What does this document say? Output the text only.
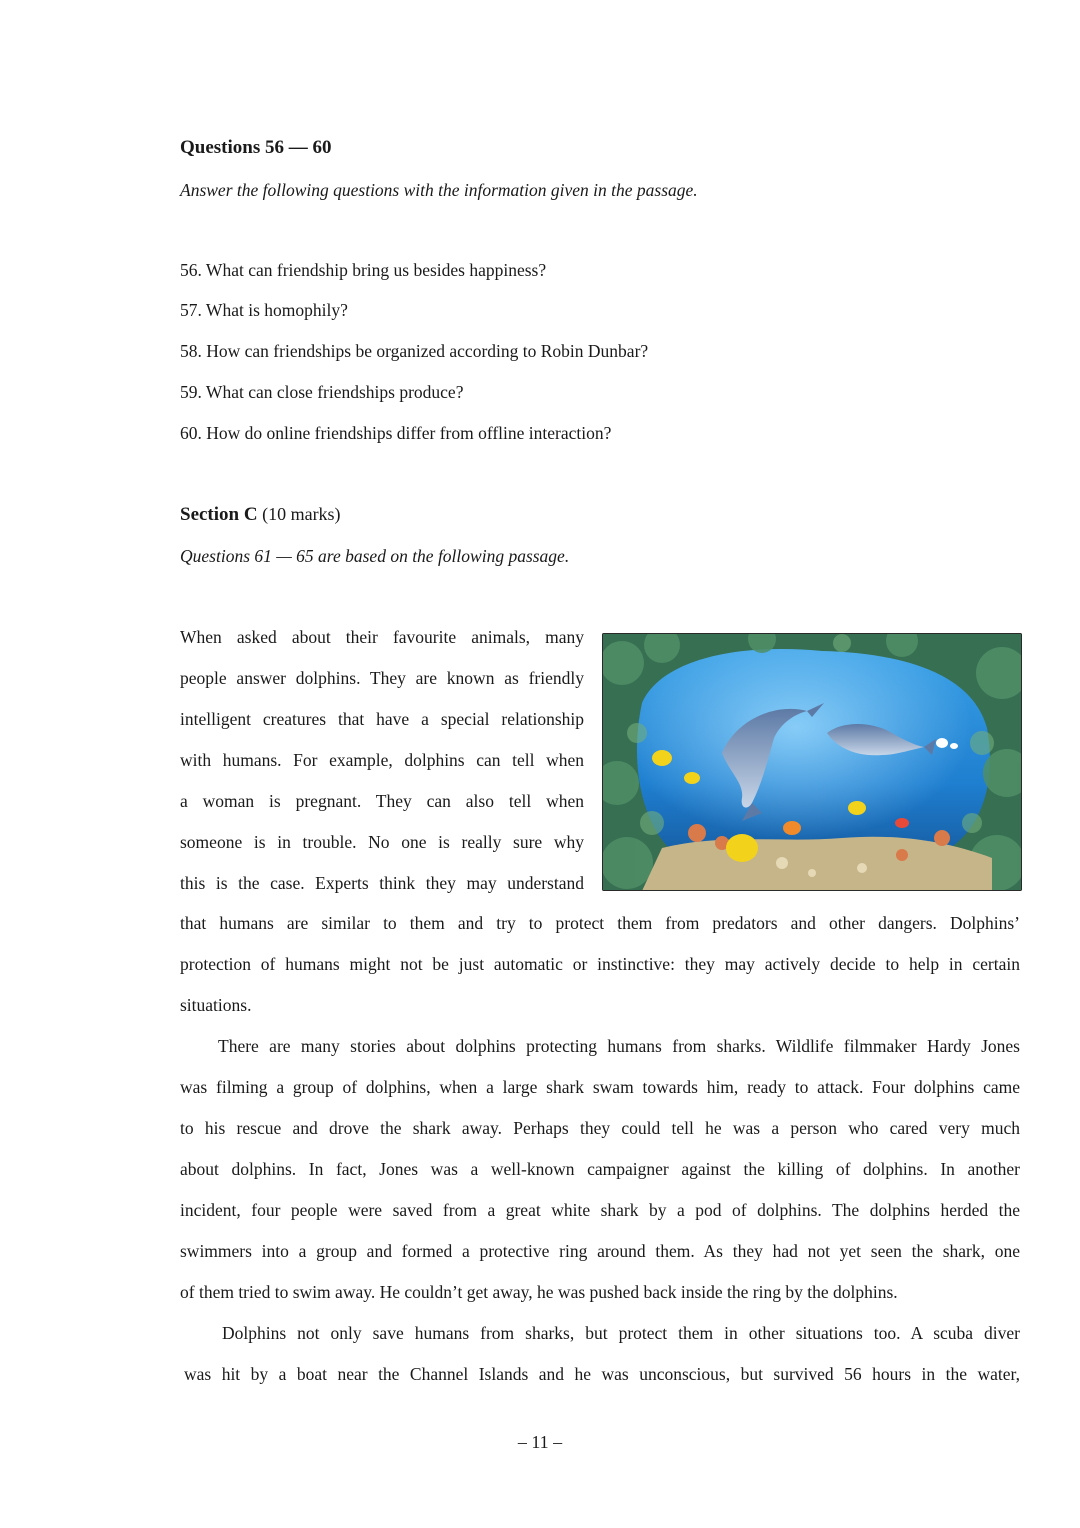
Questions 56 — 60
Answer the following questions with the information given in the passage.
56. What can friendship bring us besides happiness?
57. What is homophily?
58. How can friendships be organized according to Robin Dunbar?
59. What can close friendships produce?
60. How do online friendships differ from offline interaction?
Section C (10 marks)
Questions 61 — 65 are based on the following passage.
When asked about their favourite animals, many
people answer dolphins. They are known as friendly
intelligent creatures that have a special relationship
with humans. For example, dolphins can tell when
a woman is pregnant. They can also tell when
someone is in trouble. No one is really sure why
this is the case. Experts think they may understand
that humans are similar to them and try to protect them from predators and other dangers. Dolphins’
protection of humans might not be just automatic or instinctive: they may actively decide to help in certain
situations.
There are many stories about dolphins protecting humans from sharks. Wildlife filmmaker Hardy Jones
was filming a group of dolphins, when a large shark swam towards him, ready to attack. Four dolphins came
to his rescue and drove the shark away. Perhaps they could tell he was a person who cared very much
about dolphins. In fact, Jones was a well-known campaigner against the killing of dolphins. In another
incident, four people were saved from a great white shark by a pod of dolphins. The dolphins herded the
swimmers into a group and formed a protective ring around them. As they had not yet seen the shark, one
of them tried to swim away. He couldn’t get away, he was pushed back inside the ring by the dolphins.
Dolphins not only save humans from sharks, but protect them in other situations too. A scuba diver
was hit by a boat near the Channel Islands and he was unconscious, but survived 56 hours in the water,
– 11 –
